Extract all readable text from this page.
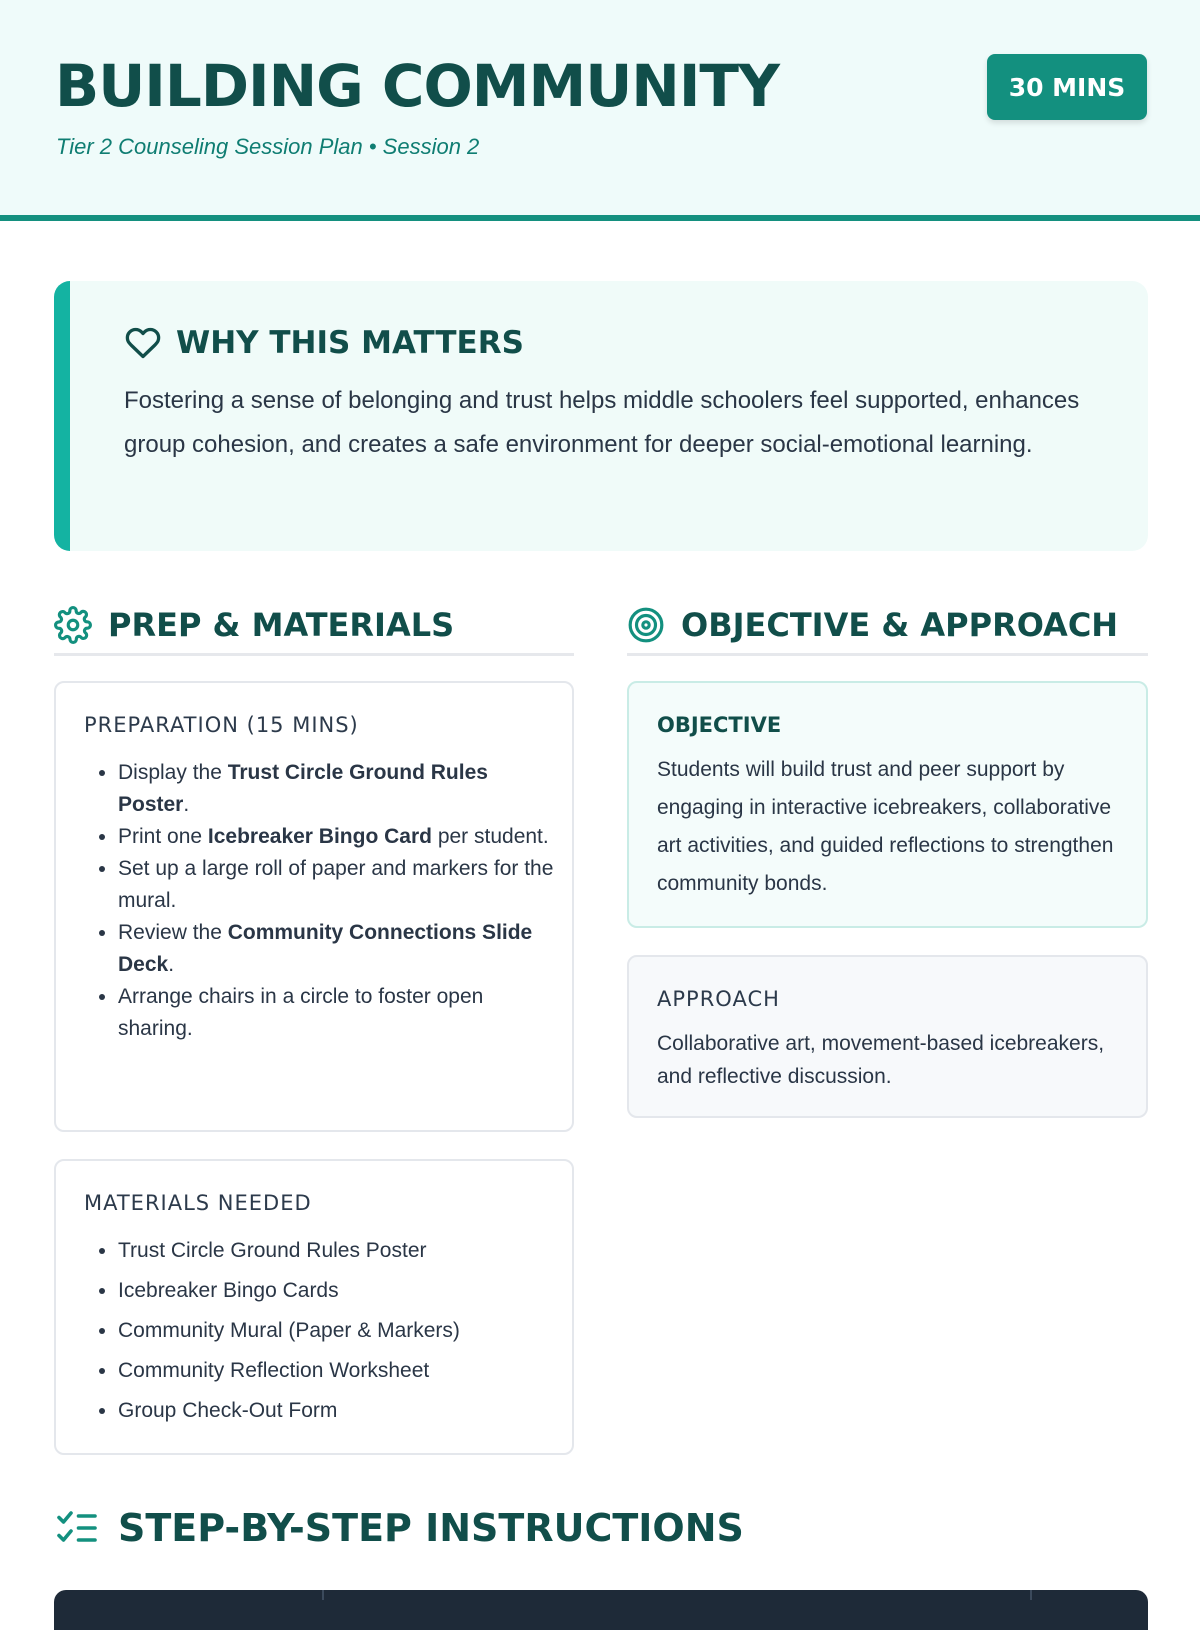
BUILDING COMMUNITY
Tier 2 Counseling Session Plan • Session 2
30 MINS
WHY THIS MATTERS
Fostering a sense of belonging and trust helps middle schoolers feel supported, enhances group cohesion, and creates a safe environment for deeper social-emotional learning.
PREP & MATERIALS	OBJECTIVE & APPROACH
PREPARATION (15 MINS)
• Display the Trust Circle Ground Rules Poster.
• Print one Icebreaker Bingo Card per student.
• Set up a large roll of paper and markers for the mural.
• Review the Community Connections Slide Deck.
• Arrange chairs in a circle to foster open sharing.
MATERIALS NEEDED
• Trust Circle Ground Rules Poster
• Icebreaker Bingo Cards
• Community Mural (Paper & Markers)
• Community Reflection Worksheet
• Group Check-Out Form
OBJECTIVE
Students will build trust and peer support by engaging in interactive icebreakers, collaborative art activities, and guided reflections to strengthen community bonds.
APPROACH
Collaborative art, movement-based icebreakers, and reflective discussion.
STEP-BY-STEP INSTRUCTIONS
